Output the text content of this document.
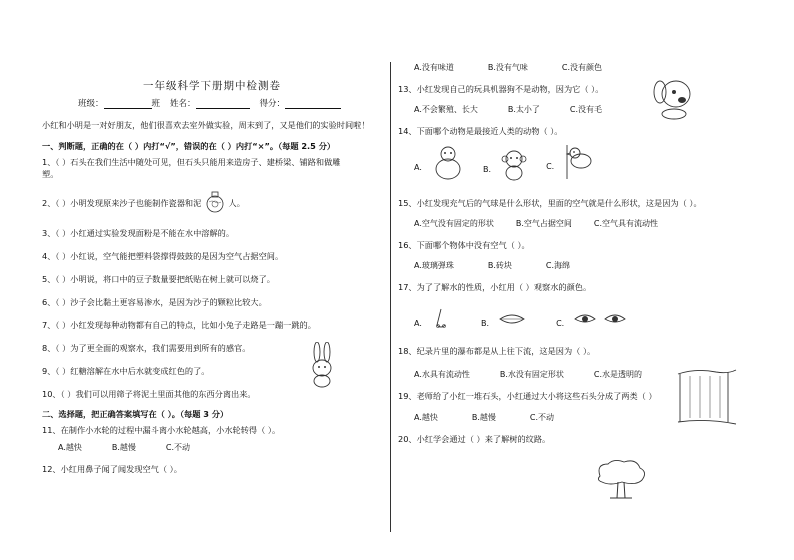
一年级科学下册期中检测卷
班级：	班 姓名：	得分：

小红和小明是一对好朋友，他们很喜欢去室外做实验，周末到了，又是他们的实验时间啦！

一、判断题，正确的在（ ）内打“√”，错误的在（ ）内打“×”。（每题 2.5 分）
1、（ ）石头在我们生活中随处可见，但石头只能用来造房子、建桥梁、铺路和做雕
塑。
2、（ ）小明发现原来沙子也能制作瓷器和泥	人。
3、（ ）小红通过实验发现面粉是不能在水中溶解的。
4、（ ）小红说，空气能把塑料袋撑得鼓鼓的是因为空气占据空间。
5、（ ）小明说，将口中的豆子数量要把纸贴在树上就可以烧了。
6、（ ）沙子会比黏土更容易渗水，是因为沙子的颗粒比较大。
7、（ ）小红发现每种动物都有自己的特点，比如小兔子走路是一蹦一跳的。
8、（ ）为了更全面的观察水，我们需要用到所有的感官。
9、（ ）红糖溶解在水中后水就变成红色的了。
10、（ ）我们可以用筛子将泥土里面其他的东西分离出来。
二、选择题，把正确答案填写在（ ）。（每题 3 分）
11、在制作小水轮的过程中漏斗离小水轮越高，小水轮转得（ ）。
A.越快	B.越慢	C.不动
12、小红用鼻子闻了闻发现空气（ ）。
A.没有味道	B.没有气味	C.没有颜色
13、小红发现自己的玩具机器狗不是动物，因为它（ ）。
A.不会繁殖、长大	B.太小了	C.没有毛
14、下面哪个动物是最接近人类的动物（ ）。
A.	B.	C.
15、小红发现充气后的气球是什么形状，里面的空气就是什么形状，这是因为（ ）。
A.空气没有固定的形状	B.空气占据空间	C.空气具有流动性
16、下面哪个物体中没有空气（ ）。
A.玻璃弹珠	B.砖块	C.海绵
17、为了了解水的性质，小红用（ ）观察水的颜色。
A.	B.	C.
18、纪录片里的瀑布都是从上往下流，这是因为（ ）。
A.水具有流动性	B.水没有固定形状	C.水是透明的
19、老师给了小红一堆石头，小红通过大小将这些石头分成了两类（ ）
A.越快	B.越慢	C.不动
20、小红学会通过（ ）来了解树的纹路。
